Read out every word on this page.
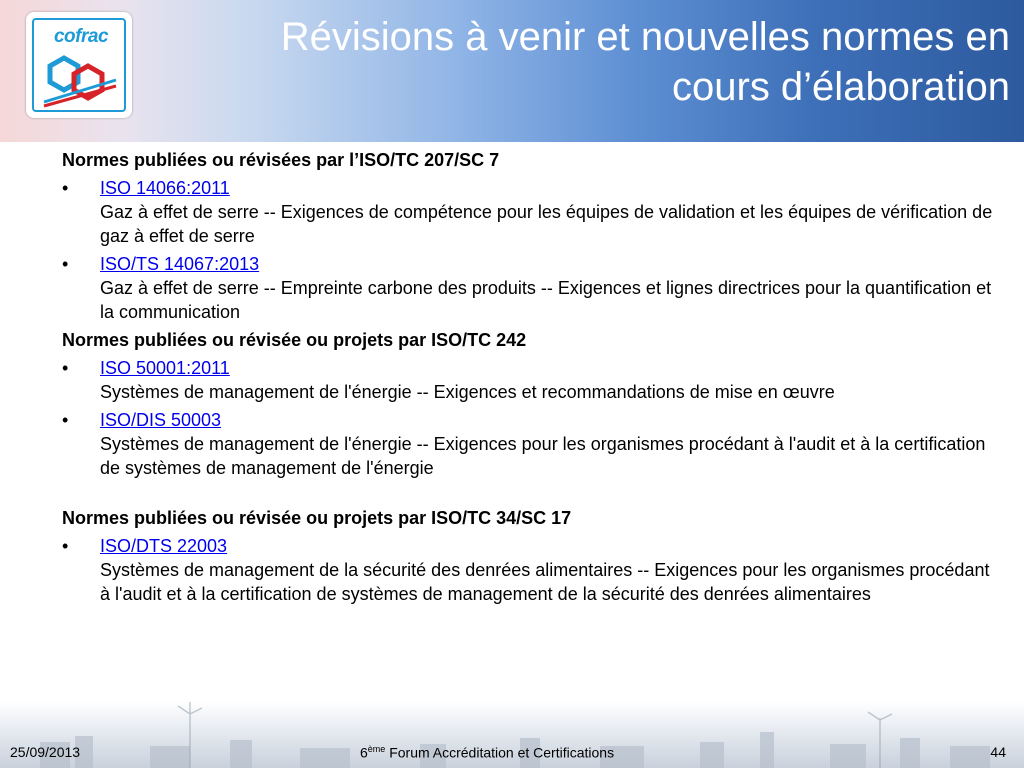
cofrac	Révisions à venir et nouvelles normes en cours d’élaboration

Normes publiées ou révisées par l’ISO/TC 207/SC 7

• ISO 14066:2011
Gaz à effet de serre -- Exigences de compétence pour les équipes de validation et les équipes de vérification de gaz à effet de serre
• ISO/TS 14067:2013
Gaz à effet de serre -- Empreinte carbone des produits -- Exigences et lignes directrices pour la quantification et la communication

Normes publiées ou révisée ou projets par ISO/TC 242

• ISO 50001:2011
Systèmes de management de l'énergie -- Exigences et recommandations de mise en œuvre
• ISO/DIS 50003
Systèmes de management de l'énergie -- Exigences pour les organismes procédant à l'audit et à la certification de systèmes de management de l'énergie

Normes publiées ou révisée ou projets par ISO/TC 34/SC 17

• ISO/DTS 22003
Systèmes de management de la sécurité des denrées alimentaires -- Exigences pour les organismes procédant à l'audit et à la certification de systèmes de management de la sécurité des denrées alimentaires
25/09/2013	6ème Forum Accréditation et Certifications	44
